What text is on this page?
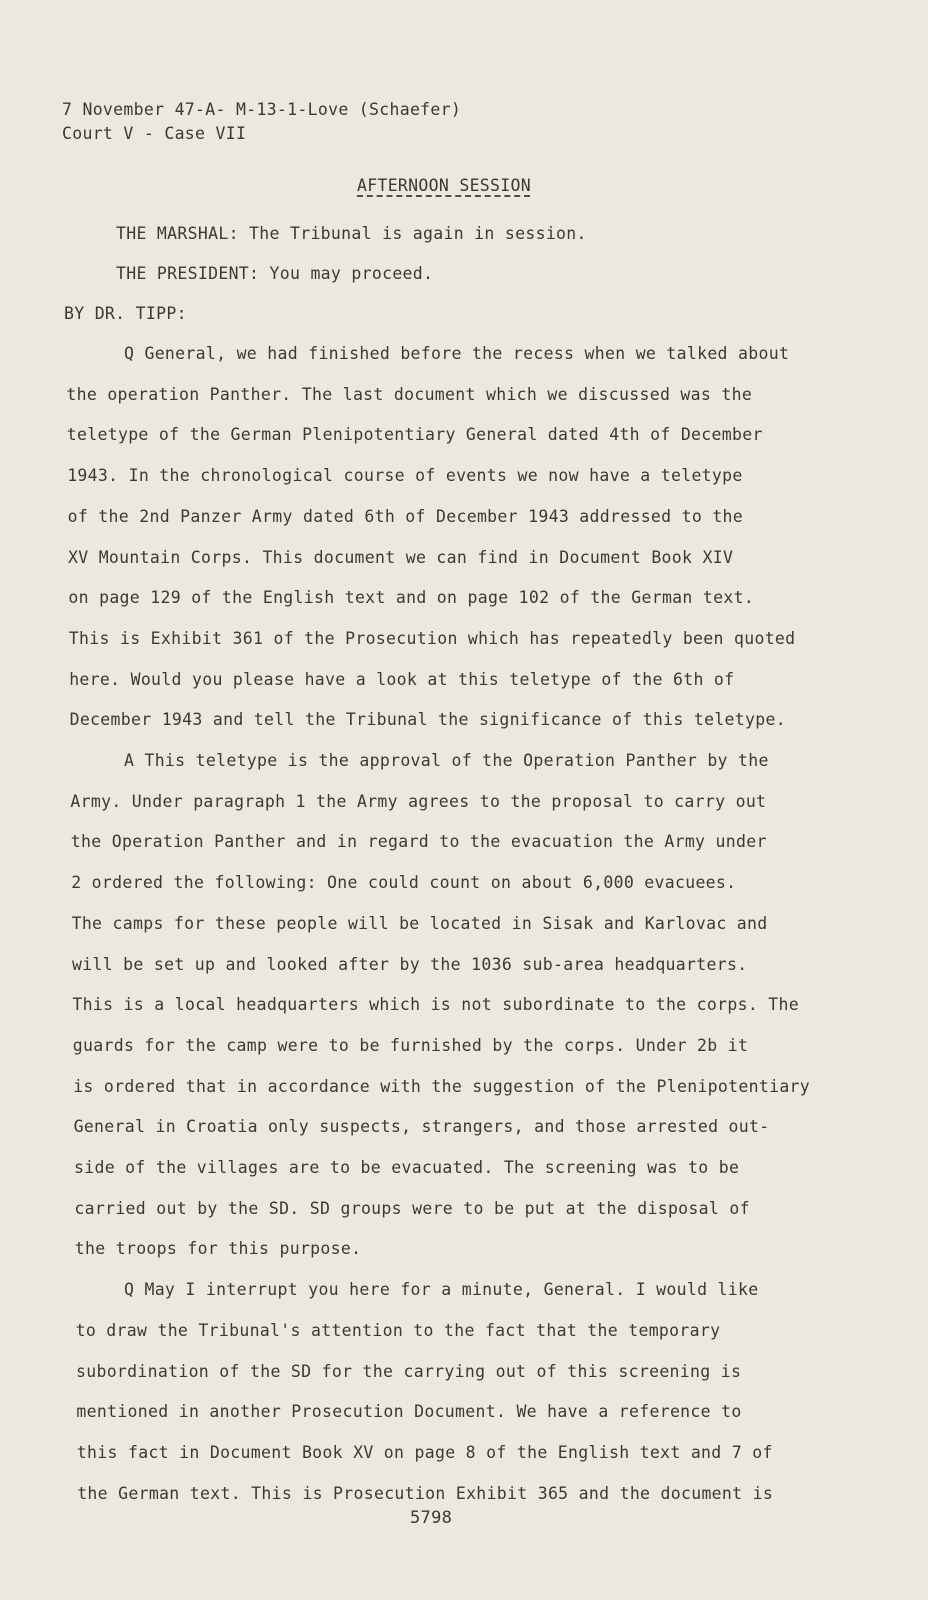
7 November 47-A- M-13-1-Love (Schaefer)
Court V - Case VII
AFTERNOON SESSION
THE MARSHAL: The Tribunal is again in session.
THE PRESIDENT: You may proceed.
BY DR. TIPP:
Q General, we had finished before the recess when we talked about
the operation Panther. The last document which we discussed was the
teletype of the German Plenipotentiary General dated 4th of December
1943. In the chronological course of events we now have a teletype
of the 2nd Panzer Army dated 6th of December 1943 addressed to the
XV Mountain Corps. This document we can find in Document Book XIV
on page 129 of the English text and on page 102 of the German text.
This is Exhibit 361 of the Prosecution which has repeatedly been quoted
here. Would you please have a look at this teletype of the 6th of
December 1943 and tell the Tribunal the significance of this teletype.
A This teletype is the approval of the Operation Panther by the
Army. Under paragraph 1 the Army agrees to the proposal to carry out
the Operation Panther and in regard to the evacuation the Army under
2 ordered the following: One could count on about 6,000 evacuees.
The camps for these people will be located in Sisak and Karlovac and
will be set up and looked after by the 1036 sub-area headquarters.
This is a local headquarters which is not subordinate to the corps. The
guards for the camp were to be furnished by the corps. Under 2b it
is ordered that in accordance with the suggestion of the Plenipotentiary
General in Croatia only suspects, strangers, and those arrested out-
side of the villages are to be evacuated. The screening was to be
carried out by the SD. SD groups were to be put at the disposal of
the troops for this purpose.
Q May I interrupt you here for a minute, General. I would like
to draw the Tribunal's attention to the fact that the temporary
subordination of the SD for the carrying out of this screening is
mentioned in another Prosecution Document. We have a reference to
this fact in Document Book XV on page 8 of the English text and 7 of
the German text. This is Prosecution Exhibit 365 and the document is
5798
